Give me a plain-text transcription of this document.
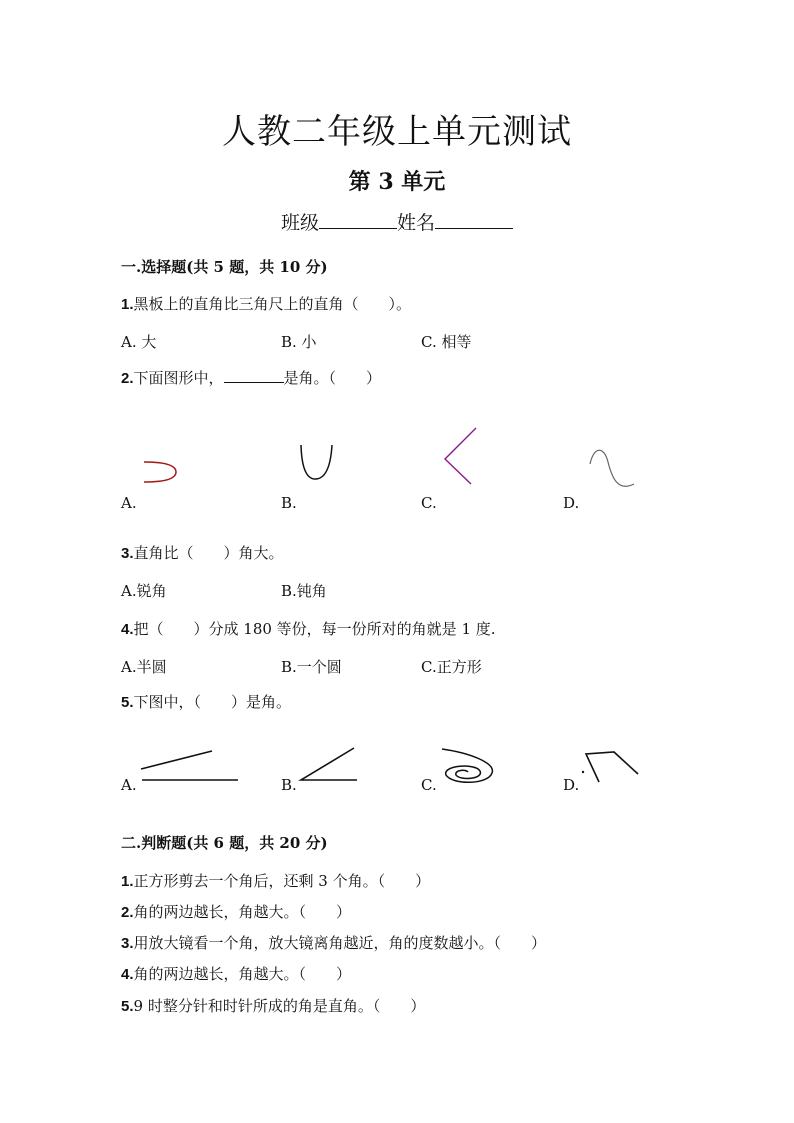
人教二年级上单元测试
第 3 单元
班级	姓名
一.选择题(共 5 题，共 10 分)
1.黑板上的直角比三角尺上的直角（　　）。
A. 大	B. 小	C. 相等
2.下面图形中，	是角。（　　）
A.	B.	C.	D.
3.直角比（　　）角大。
A.锐角	B.钝角
4.把（　　）分成 180 等份，每一份所对的角就是 1 度.
A.半圆	B.一个圆	C.正方形
5.下图中，（　　）是角。
A.	B.	C.	D.
二.判断题(共 6 题，共 20 分)
1.正方形剪去一个角后，还剩 3 个角。（　　）
2.角的两边越长，角越大。（　　）
3.用放大镜看一个角，放大镜离角越近，角的度数越小。（　　）
4.角的两边越长，角越大。（　　）
5.9 时整分针和时针所成的角是直角。（　　）
